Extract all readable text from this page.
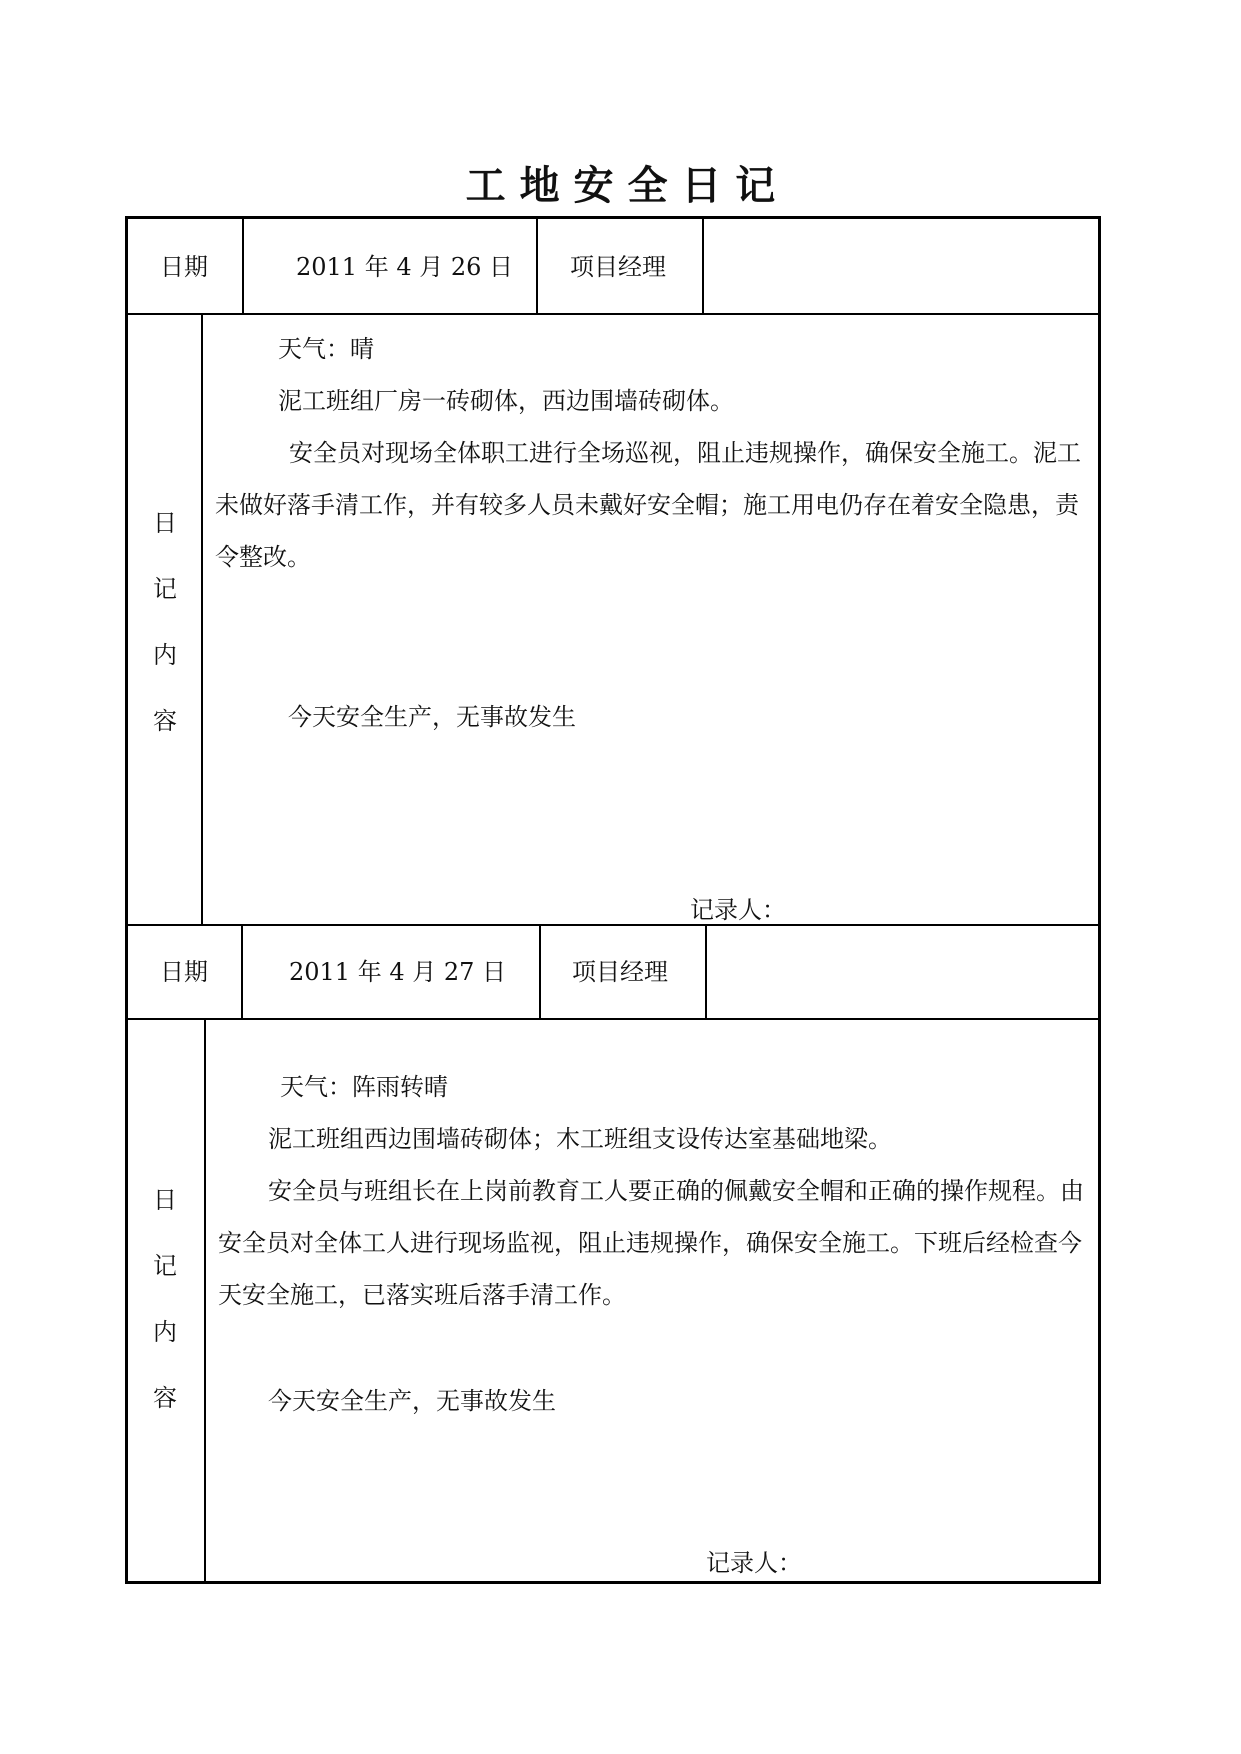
工 地 安 全 日 记
日期	2011 年 4 月 26 日 项目经理
日
记
内
容
天气：晴
泥工班组厂房一砖砌体，西边围墙砖砌体。
安全员对现场全体职工进行全场巡视，阻止违规操作，确保安全施工。泥工未做好落手清工作，并有较多人员未戴好安全帽；施工用电仍存在着安全隐患，责令整改。
今天安全生产，无事故发生
记录人：
日期	2011 年 4 月 27 日	项目经理
日
记
内
容
天气：阵雨转晴
泥工班组西边围墙砖砌体；木工班组支设传达室基础地梁。
安全员与班组长在上岗前教育工人要正确的佩戴安全帽和正确的操作规程。由安全员对全体工人进行现场监视，阻止违规操作，确保安全施工。下班后经检查今天安全施工，已落实班后落手清工作。
今天安全生产，无事故发生
记录人：
